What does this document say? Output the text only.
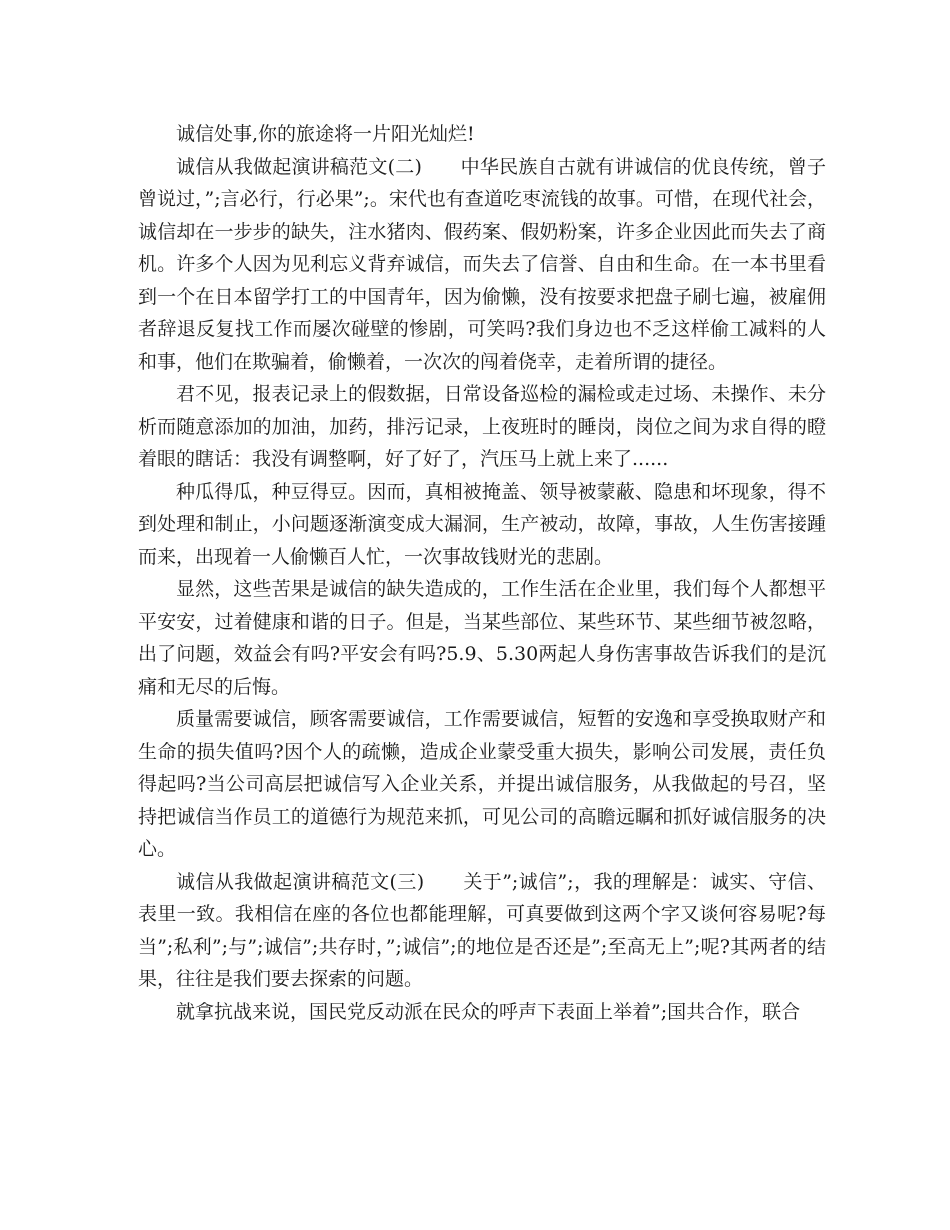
诚信处事,你的旅途将一片阳光灿烂!

诚信从我做起演讲稿范文(二)　　中华民族自古就有讲诚信的优良传统，曾子曾说过，”;言必行，行必果”;。宋代也有查道吃枣流钱的故事。可惜，在现代社会，诚信却在一步步的缺失，注水猪肉、假药案、假奶粉案，许多企业因此而失去了商机。许多个人因为见利忘义背弃诚信，而失去了信誉、自由和生命。在一本书里看到一个在日本留学打工的中国青年，因为偷懒，没有按要求把盘子刷七遍，被雇佣者辞退反复找工作而屡次碰壁的惨剧，可笑吗?我们身边也不乏这样偷工减料的人和事，他们在欺骗着，偷懒着，一次次的闯着侥幸，走着所谓的捷径。

君不见，报表记录上的假数据，日常设备巡检的漏检或走过场、未操作、未分析而随意添加的加油，加药，排污记录，上夜班时的睡岗，岗位之间为求自得的瞪着眼的瞎话：我没有调整啊，好了好了，汽压马上就上来了......

种瓜得瓜，种豆得豆。因而，真相被掩盖、领导被蒙蔽、隐患和坏现象，得不到处理和制止，小问题逐渐演变成大漏洞，生产被动，故障，事故，人生伤害接踵而来，出现着一人偷懒百人忙，一次事故钱财光的悲剧。

显然，这些苦果是诚信的缺失造成的，工作生活在企业里，我们每个人都想平平安安，过着健康和谐的日子。但是，当某些部位、某些环节、某些细节被忽略，出了问题，效益会有吗?平安会有吗?5.9、5.30两起人身伤害事故告诉我们的是沉痛和无尽的后悔。

质量需要诚信，顾客需要诚信，工作需要诚信，短暂的安逸和享受换取财产和生命的损失值吗?因个人的疏懒，造成企业蒙受重大损失，影响公司发展，责任负得起吗?当公司高层把诚信写入企业关系，并提出诚信服务，从我做起的号召，坚持把诚信当作员工的道德行为规范来抓，可见公司的高瞻远瞩和抓好诚信服务的决心。

诚信从我做起演讲稿范文(三)　　关于”;诚信”;，我的理解是：诚实、守信、表里一致。我相信在座的各位也都能理解，可真要做到这两个字又谈何容易呢?每当”;私利”;与”;诚信”;共存时，”;诚信”;的地位是否还是”;至高无上”;呢?其两者的结果，往往是我们要去探索的问题。

就拿抗战来说，国民党反动派在民众的呼声下表面上举着”;国共合作，联合
